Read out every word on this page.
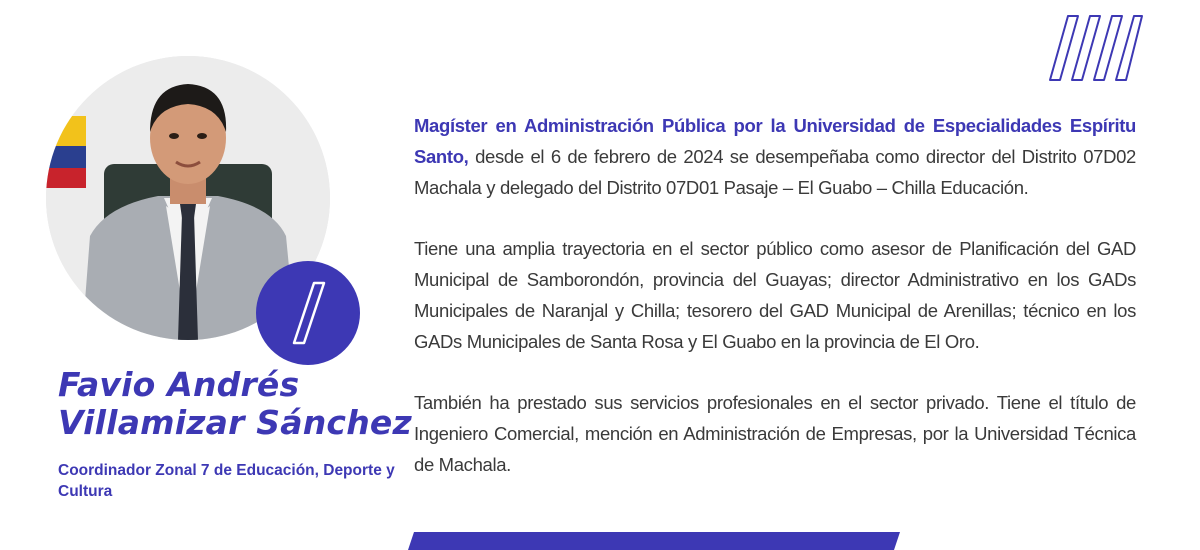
Favio Andrés
Villamizar Sánchez
Coordinador Zonal 7 de Educación, Deporte y Cultura

Magíster en Administración Pública por la Universidad de Especialidades Espíritu Santo, desde el 6 de febrero de 2024 se desempeñaba como director del Distrito 07D02 Machala y delegado del Distrito 07D01 Pasaje – El Guabo – Chilla Educación.

Tiene una amplia trayectoria en el sector público como asesor de Planificación del GAD Municipal de Samborondón, provincia del Guayas; director Administrativo en los GADs Municipales de Naranjal y Chilla; tesorero del GAD Municipal de Arenillas; técnico en los GADs Municipales de Santa Rosa y El Guabo en la provincia de El Oro.

También ha prestado sus servicios profesionales en el sector privado. Tiene el título de Ingeniero Comercial, mención en Administración de Empresas, por la Universidad Técnica de Machala.
